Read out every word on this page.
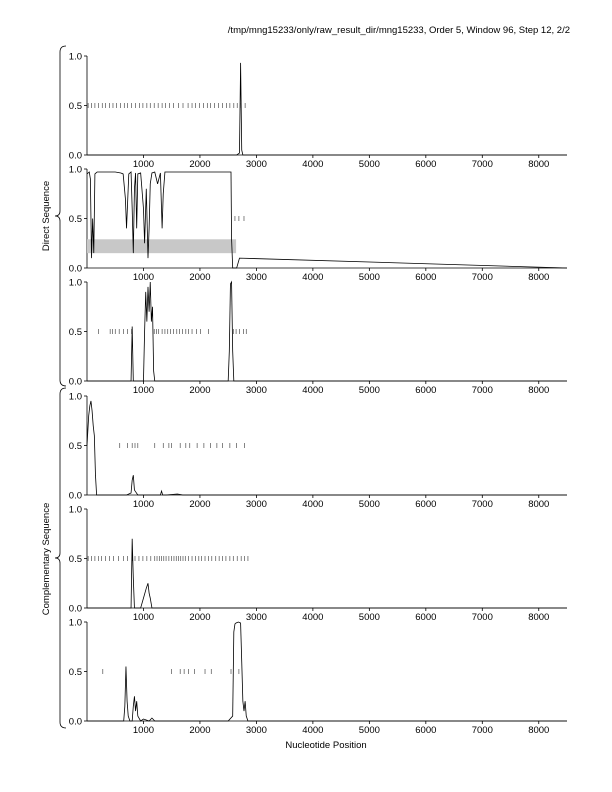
/tmp/mng15233/only/raw_result_dir/mng15233, Order 5, Window 96, Step 12, 2/2
0.0
0.5
1.0
1000	2000	3000	4000	5000	6000	7000	8000
0.0
0.5
1.0
1000	2000	3000	4000	5000	6000	7000	8000
0.0
0.5
1.0
1000	2000	3000	4000	5000	6000	7000	8000
0.0
0.5
1.0
1000	2000	3000	4000	5000	6000	7000	8000
0.0
0.5
1.0
1000	2000	3000	4000	5000	6000	7000	8000
0.0
0.5
1.0
1000	2000	3000	4000	5000	6000	7000	8000
Direct Sequence
Complementary Sequence
Nucleotide Position
